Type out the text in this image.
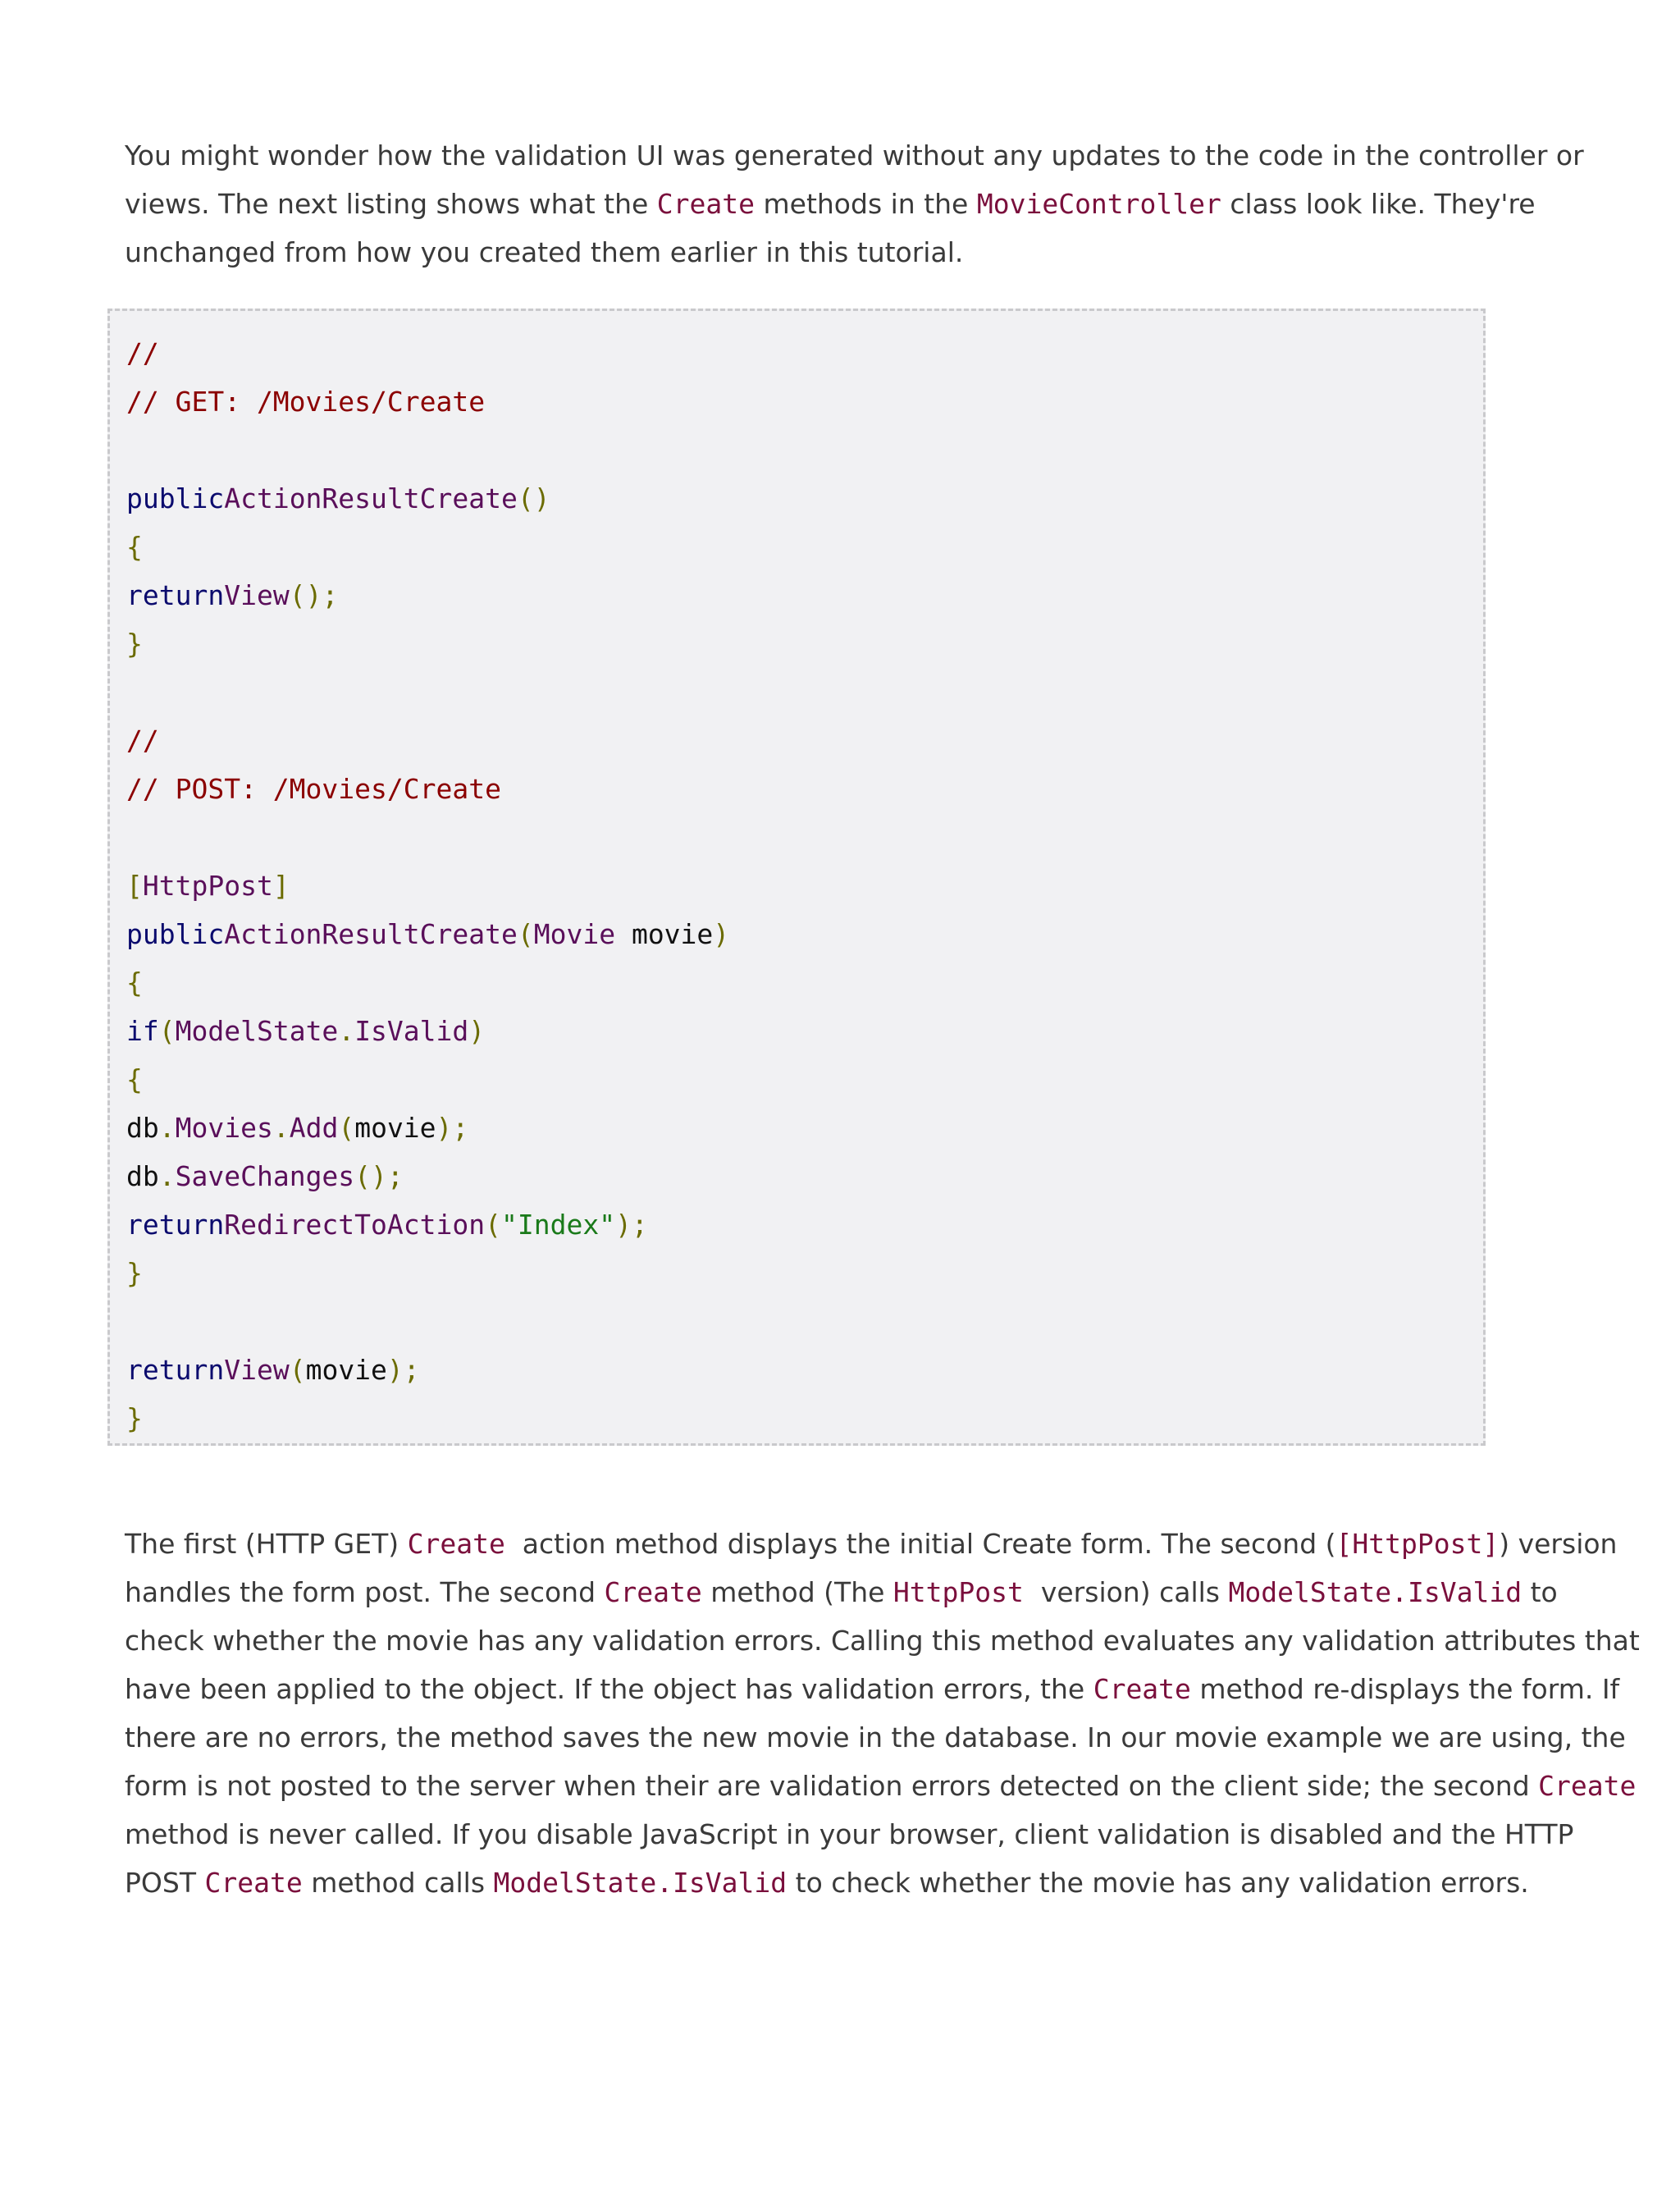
You might wonder how the validation UI was generated without any updates to the code in the controller or
views. The next listing shows what the Create methods in the MovieController class look like. They're
unchanged from how you created them earlier in this tutorial.
//
// GET: /Movies/Create
publicActionResultCreate()
{
returnView();
}
//
// POST: /Movies/Create
[HttpPost]
publicActionResultCreate(Movie movie)
{
if(ModelState.IsValid)
{
db.Movies.Add(movie);
db.SaveChanges();
returnRedirectToAction("Index");
}
returnView(movie);
}
The first (HTTP GET) Create  action method displays the initial Create form. The second ([HttpPost]) version
handles the form post. The second Create method (The HttpPost  version) calls ModelState.IsValid to
check whether the movie has any validation errors. Calling this method evaluates any validation attributes that
have been applied to the object. If the object has validation errors, the Create method re-displays the form. If
there are no errors, the method saves the new movie in the database. In our movie example we are using, the
form is not posted to the server when their are validation errors detected on the client side; the second Create
method is never called. If you disable JavaScript in your browser, client validation is disabled and the HTTP
POST Create method calls ModelState.IsValid to check whether the movie has any validation errors.
